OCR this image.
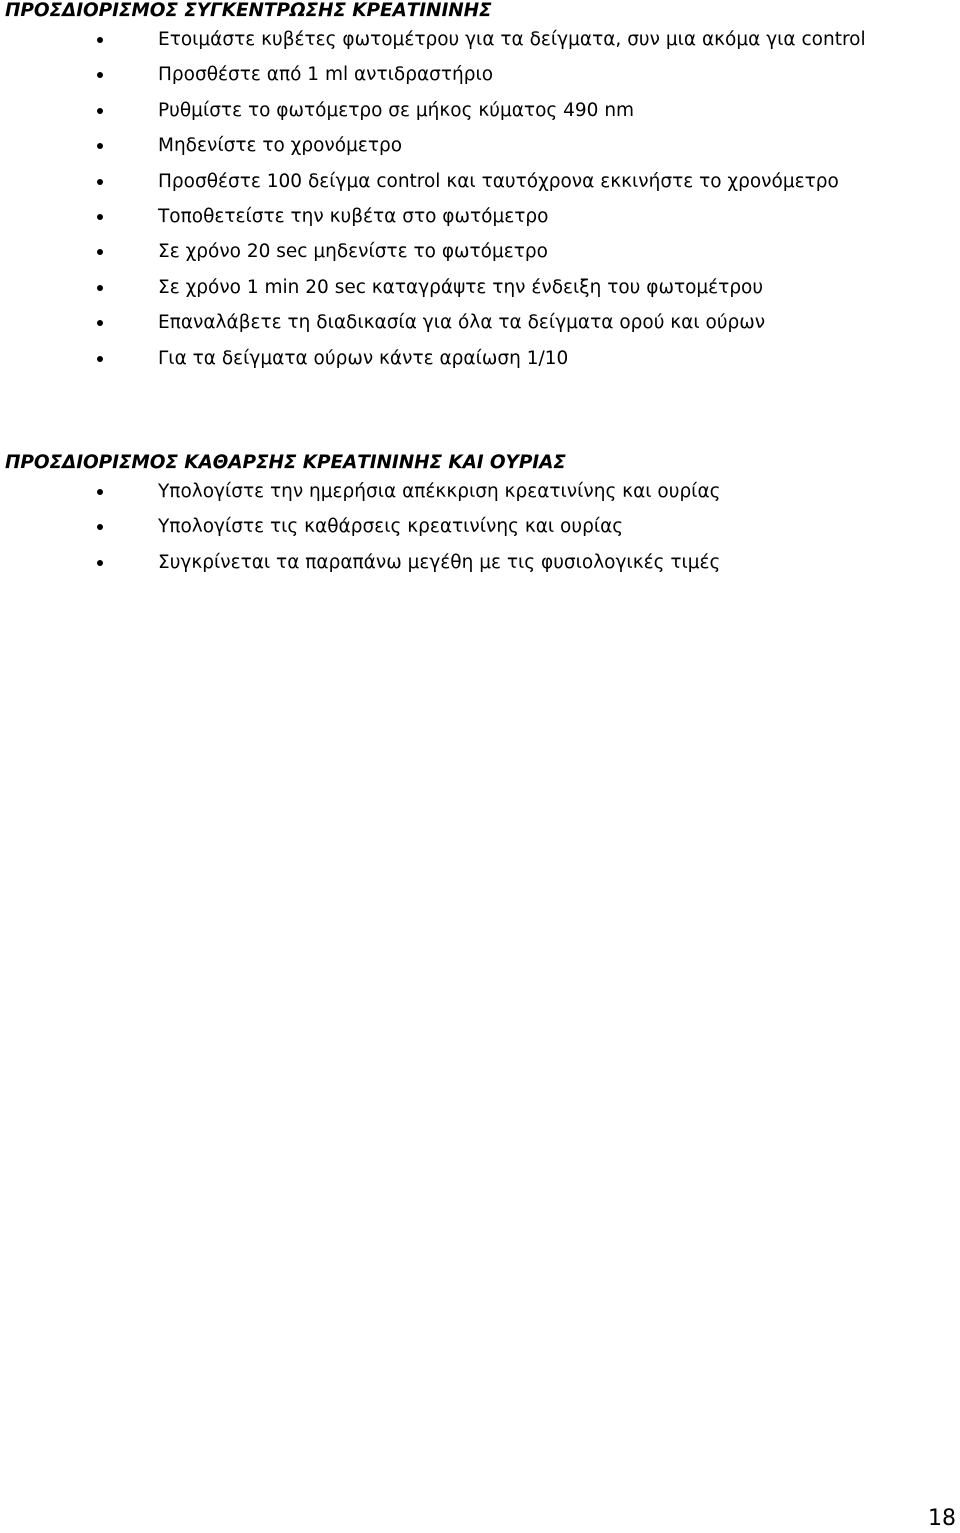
ΠΡΟΣΔΙΟΡΙΣΜΟΣ ΣΥΓΚΕΝΤΡΩΣΗΣ ΚΡΕΑΤΙΝΙΝΗΣ
Ετοιμάστε κυβέτες φωτομέτρου για τα δείγματα, συν μια ακόμα για control
Προσθέστε από 1 ml αντιδραστήριο
Ρυθμίστε το φωτόμετρο σε μήκος κύματος 490 nm
Μηδενίστε το χρονόμετρο
Προσθέστε 100 δείγμα control και ταυτόχρονα εκκινήστε το χρονόμετρο
Τοποθετείστε την κυβέτα στο φωτόμετρο
Σε χρόνο 20 sec μηδενίστε το φωτόμετρο
Σε χρόνο 1 min 20 sec καταγράψτε την ένδειξη του φωτομέτρου
Επαναλάβετε τη διαδικασία για όλα τα δείγματα ορού και ούρων
Για τα δείγματα ούρων κάντε αραίωση 1/10
ΠΡΟΣΔΙΟΡΙΣΜΟΣ ΚΑΘΑΡΣΗΣ ΚΡΕΑΤΙΝΙΝΗΣ ΚΑΙ ΟΥΡΙΑΣ
Υπολογίστε την ημερήσια απέκκριση κρεατινίνης και ουρίας
Υπολογίστε τις καθάρσεις κρεατινίνης και ουρίας
Συγκρίνεται τα παραπάνω μεγέθη με τις φυσιολογικές τιμές
18
